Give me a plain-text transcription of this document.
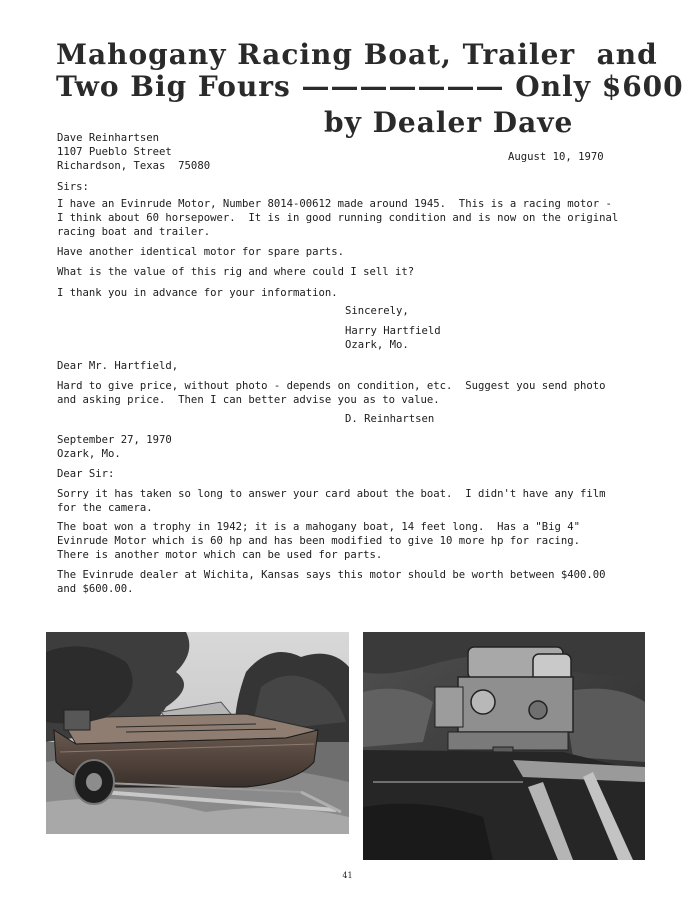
Mahogany Racing Boat, Trailer  and
Two Big Fours ——————— Only $600
by Dealer Dave

Dave Reinhartsen

1107 Pueblo Street

Richardson, Texas  75080

August 10, 1970

Sirs:

I have an Evinrude Motor, Number 8014-00612 made around 1945.  This is a racing motor -

I think about 60 horsepower.  It is in good running condition and is now on the original

racing boat and trailer.

Have another identical motor for spare parts.

What is the value of this rig and where could I sell it?

I thank you in advance for your information.

Sincerely,

Harry Hartfield

Ozark, Mo.

Dear Mr. Hartfield,

Hard to give price, without photo - depends on condition, etc.  Suggest you send photo

and asking price.  Then I can better advise you as to value.

D. Reinhartsen

September 27, 1970

Ozark, Mo.

Dear Sir:

Sorry it has taken so long to answer your card about the boat.  I didn't have any film

for the camera.

The boat won a trophy in 1942; it is a mahogany boat, 14 feet long.  Has a "Big 4"

Evinrude Motor which is 60 hp and has been modified to give 10 more hp for racing.

There is another motor which can be used for parts.

The Evinrude dealer at Wichita, Kansas says this motor should be worth between $400.00

and $600.00.

41
